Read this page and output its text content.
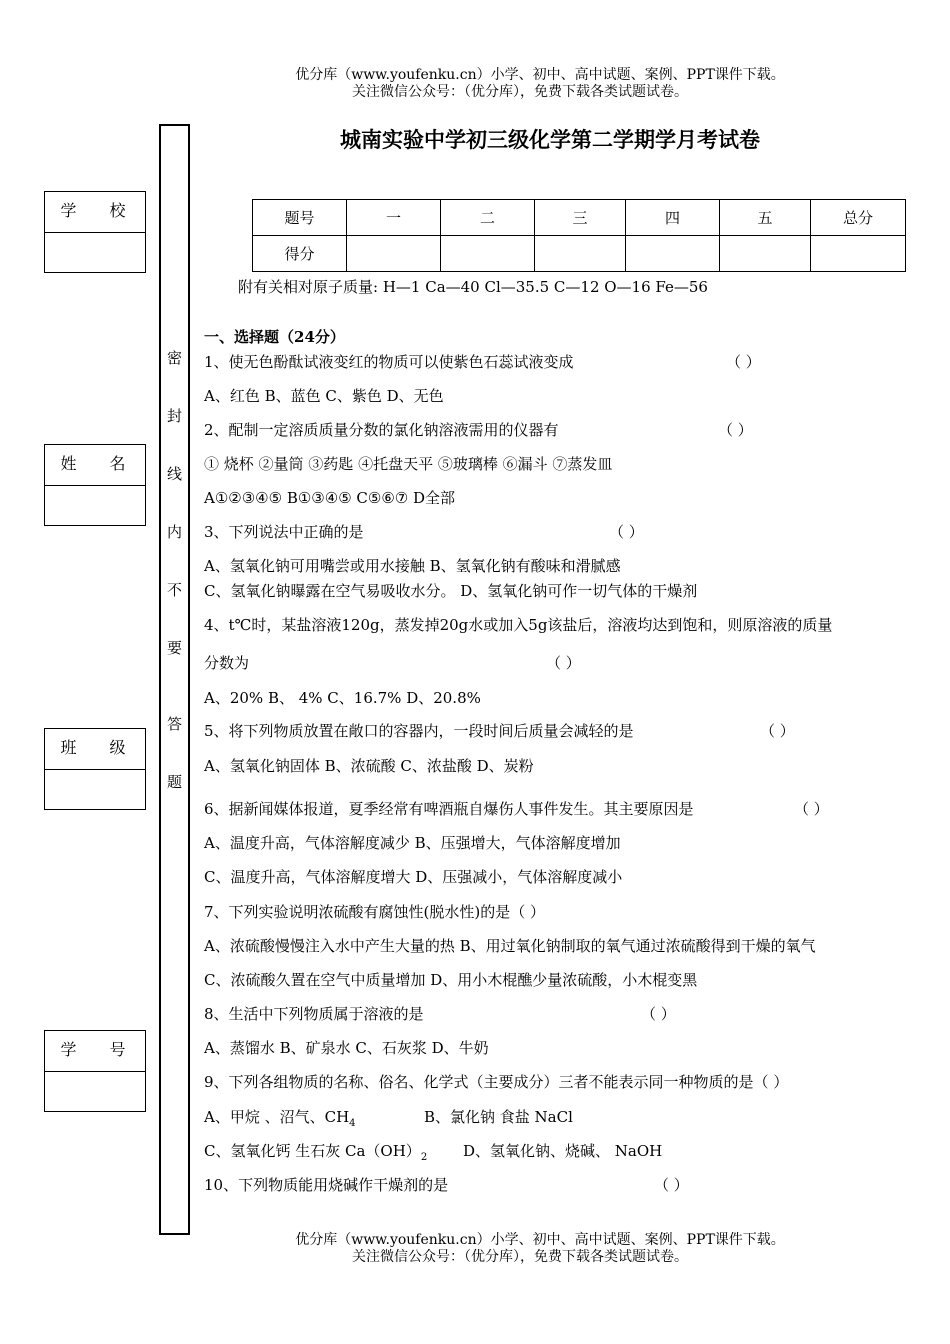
优分库（www.youfenku.cn）小学、初中、高中试题、案例、PPT课件下载。
关注微信公众号：（优分库），免费下载各类试题试卷。
城南实验中学初三级化学第二学期学月考试卷
学 校
姓 名
班 级
学 号
密
封
线
内
不
要
答
题
题号	一	二	三	四	五	总分
得分						
附有关相对原子质量: H—1 Ca—40 Cl—35.5 C—12 O—16 Fe—56
一、选择题（24分）
1、使无色酚酞试液变红的物质可以使紫色石蕊试液变成	（ ）
A、红色 B、蓝色 C、紫色 D、无色
2、配制一定溶质质量分数的氯化钠溶液需用的仪器有	（ ）
① 烧杯 ②量筒 ③药匙 ④托盘天平 ⑤玻璃棒 ⑥漏斗 ⑦蒸发皿
A①②③④⑤ B①③④⑤ C⑤⑥⑦ D全部
3、下列说法中正确的是	（ ）
A、氢氧化钠可用嘴尝或用水接触 B、氢氧化钠有酸味和滑腻感
C、氢氧化钠曝露在空气易吸收水分。 D、氢氧化钠可作一切气体的干燥剂
4、t℃时，某盐溶液120g，蒸发掉20g水或加入5g该盐后，溶液均达到饱和，则原溶液的质量
分数为	（ ）
A、20% B、 4% C、16.7% D、20.8%
5、将下列物质放置在敞口的容器内，一段时间后质量会减轻的是	（ ）
A、氢氧化钠固体 B、浓硫酸 C、浓盐酸 D、炭粉
6、据新闻媒体报道，夏季经常有啤酒瓶自爆伤人事件发生。其主要原因是	（ ）
A、温度升高，气体溶解度减少 B、压强增大，气体溶解度增加
C、温度升高，气体溶解度增大 D、压强减小，气体溶解度减小
7、下列实验说明浓硫酸有腐蚀性(脱水性)的是（ ）
A、浓硫酸慢慢注入水中产生大量的热 B、用过氧化钠制取的氧气通过浓硫酸得到干燥的氧气
C、浓硫酸久置在空气中质量增加 D、用小木棍醮少量浓硫酸，小木棍变黑
8、生活中下列物质属于溶液的是	（ ）
A、蒸馏水 B、矿泉水 C、石灰浆 D、牛奶
9、下列各组物质的名称、俗名、化学式（主要成分）三者不能表示同一种物质的是（ ）
A、甲烷 、沼气、$CH_4$	B、氯化钠 食盐 NaCl
C、氢氧化钙 生石灰 $Ca(OH)_2$ D、氢氧化钠、烧碱、 NaOH
10、下列物质能用烧碱作干燥剂的是	（ ）
优分库（www.youfenku.cn）小学、初中、高中试题、案例、PPT课件下载。
关注微信公众号：（优分库），免费下载各类试题试卷。
